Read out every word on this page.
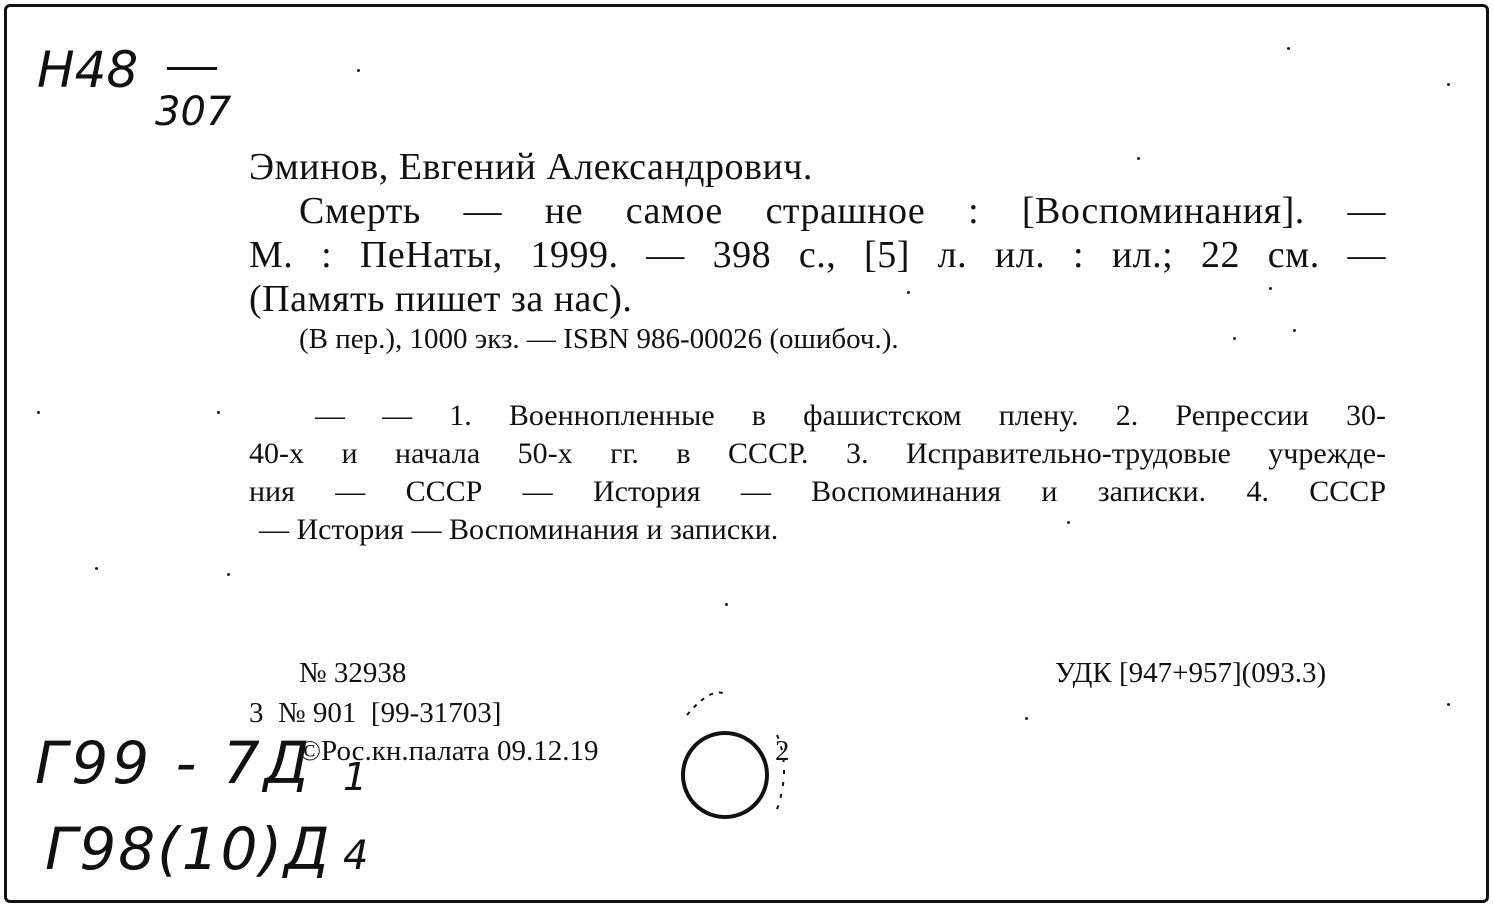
Н48
307
Эминов, Евгений Александрович.
Смерть — не самое страшное : [Воспоминания]. —
М. : ПеНаты, 1999. — 398 с., [5] л. ил. : ил.; 22 см. —
(Память пишет за нас).
(В пер.), 1000 экз. — ISBN 986-00026 (ошибоч.).
— — 1. Военнопленные в фашистском плену. 2. Репрессии 30-
40-х и начала 50-х гг. в СССР. 3. Исправительно-трудовые учрежде-
ния — СССР — История — Воспоминания и записки. 4. СССР
— История — Воспоминания и записки.
№ 32938	УДК [947+957](093.3)
3  № 901  [99-31703]
©Рос.кн.палата 09.12.19	2
Г99 - 7Д 1
Г98(10)Д 4
